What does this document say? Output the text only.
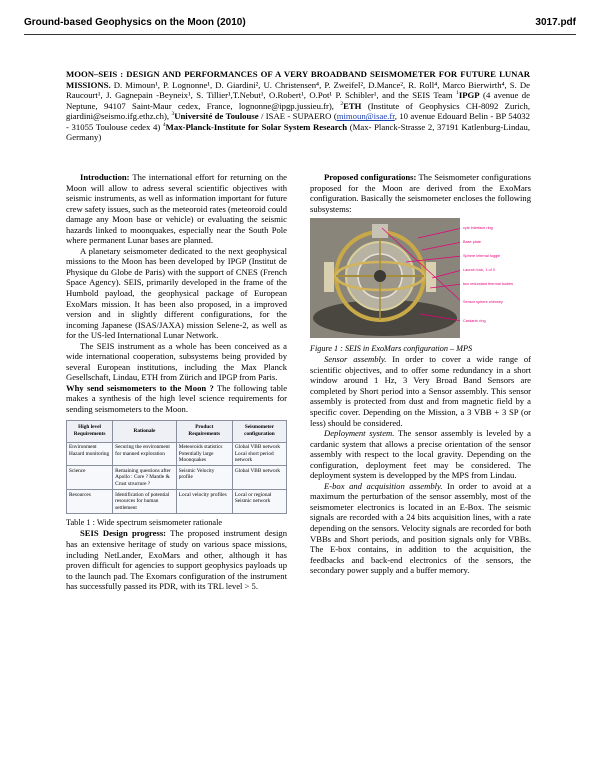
Ground-based Geophysics on the Moon (2010)	3017.pdf
MOON–SEIS : DESIGN AND PERFORMANCES OF A VERY BROADBAND SEISMOMETER FOR FUTURE LUNAR MISSIONS. D. Mimoun¹, P. Lognonne¹, D. Giardini², U. Christensen⁴, P. Zweifel², D.Mance², R. Roll⁴, Marco Bierwirth⁴, S. De Raucourt¹, J. Gagnepain -Beyneix¹, S. Tillier¹,T.Nebut¹, O.Robert¹, O.Pot¹ P. Schibler¹, and the SEIS Team $^1$IPGP (4 avenue de Neptune, 94107 Saint-Maur cedex, France, lognonne@ipgp.jussieu.fr), $^2$ETH (Institute of Geophysics CH-8092 Zurich, giardini@seismo.ifg.ethz.ch), $^3$Université de Toulouse / ISAE - SUPAERO (mimoun@isae.fr, 10 avenue Edouard Belin - BP 54032 - 31055 Toulouse cedex 4) $^4$Max-Planck-Institute for Solar System Research (Max- Planck-Strasse 2, 37191 Katlenburg-Lindau, Germany)

Introduction: The international effort for returning on the Moon will allow to adress several scientific objectives with seismic instruments, as well as information important for future crew safety issues, such as the meteoroid rates (meteoroid could damage any Moon base or vehicle) or evaluating the seismic hazards linked to moonquakes, especially near the South Pole where permanent Lunar bases are planned.

A planetary seismometer dedicated to the next geophysical missions to the Moon has been developed by IPGP (Institut de Physique du Globe de Paris) with the support of CNES (French Space Agency). SEIS, primarily developed in the frame of the Humbold payload, the geophysical package of European ExoMars mission. It has been also proposed, in a improved version and in slightly different configurations, for the incoming Japanese (ISAS/JAXA) mission Selene-2, as well as for the US-led International Lunar Network.

The SEIS instrument as a whole has been conceived as a wide international cooperation, subsystems being provided by several European institutions, including the Max Planck Gesellschaft, Lindau, ETH from Zürich and IPGP from Paris.

Why send seismometers to the Moon ? The following table makes a synthesis of the high level science requirements for sending seismometers to the Moon.

High level Requirements	Rationale	Product Requirements	Seismometer configuration
Environment Hazard monitoring	Securing the environment for manned exploration	Meteoroids statistics Potentially large Moonquakes	Global VBB network Local short period network
Science	Remaining questions after Apollo : Core ? Mantle & Crust structure ?	Seismic Velocity profile	Global VBB network
Resources	Identification of potential resources for human settlement	Local velocity profiles	Local or regional Seismic network

Table 1 : Wide spectrum seismometer rationale

SEIS Design progress: The proposed instrument design has an extensive heritage of study on various space missions, including NetLander, ExoMars and other, although it has proven difficult for agencies to support geophysics payloads up to the launch pad. The Exomars configuration of the instrument has successfully passed its PDR, with its TRL level > 5.

Proposed configurations: The Seismometer configurations proposed for the Moon are derived from the ExoMars configuration. Basically the seismometer encloses the following subsystems:

cyle interface ring
Base plate
Sphere internal toggle
Launch lock, 1 of 3
two redundant thermal bodies
Sensor sphere chimney
Cardanic ring

Figure 1 : SEIS in ExoMars configuration – MPS

Sensor assembly. In order to cover a wide range of scientific objectives, and to offer some redundancy in a short window around 1 Hz, 3 Very Broad Band Sensors are completed by Short period into a Sensor assembly. This sensor assembly is protected from dust and from magnetic field by a specific cover. Depending on the Mission, a 3 VBB + 3 SP (or less) should be considered.

Deployment system. The sensor assembly is leveled by a cardanic system that allows a precise orientation of the sensor assembly with respect to the local gravity. Depending on the configuration, deployment feet may be considered. The deployment system is developped by the MPS from Lindau.

E-box and acquisition assembly. In order to avoid at a maximum the perturbation of the sensor assembly, most of the seismometer electronics is located in an E-Box. The seismic signals are recorded with a 24 bits acquisition lines, with a rate depending on the sensors. Velocity signals are recorded for both VBBs and Short periods, and position signals only for VBBs. The E-box contains, in addition to the acquisition, the feedbacks and back-end electronics of the sensors, the secondary power supply and a buffer memory.
